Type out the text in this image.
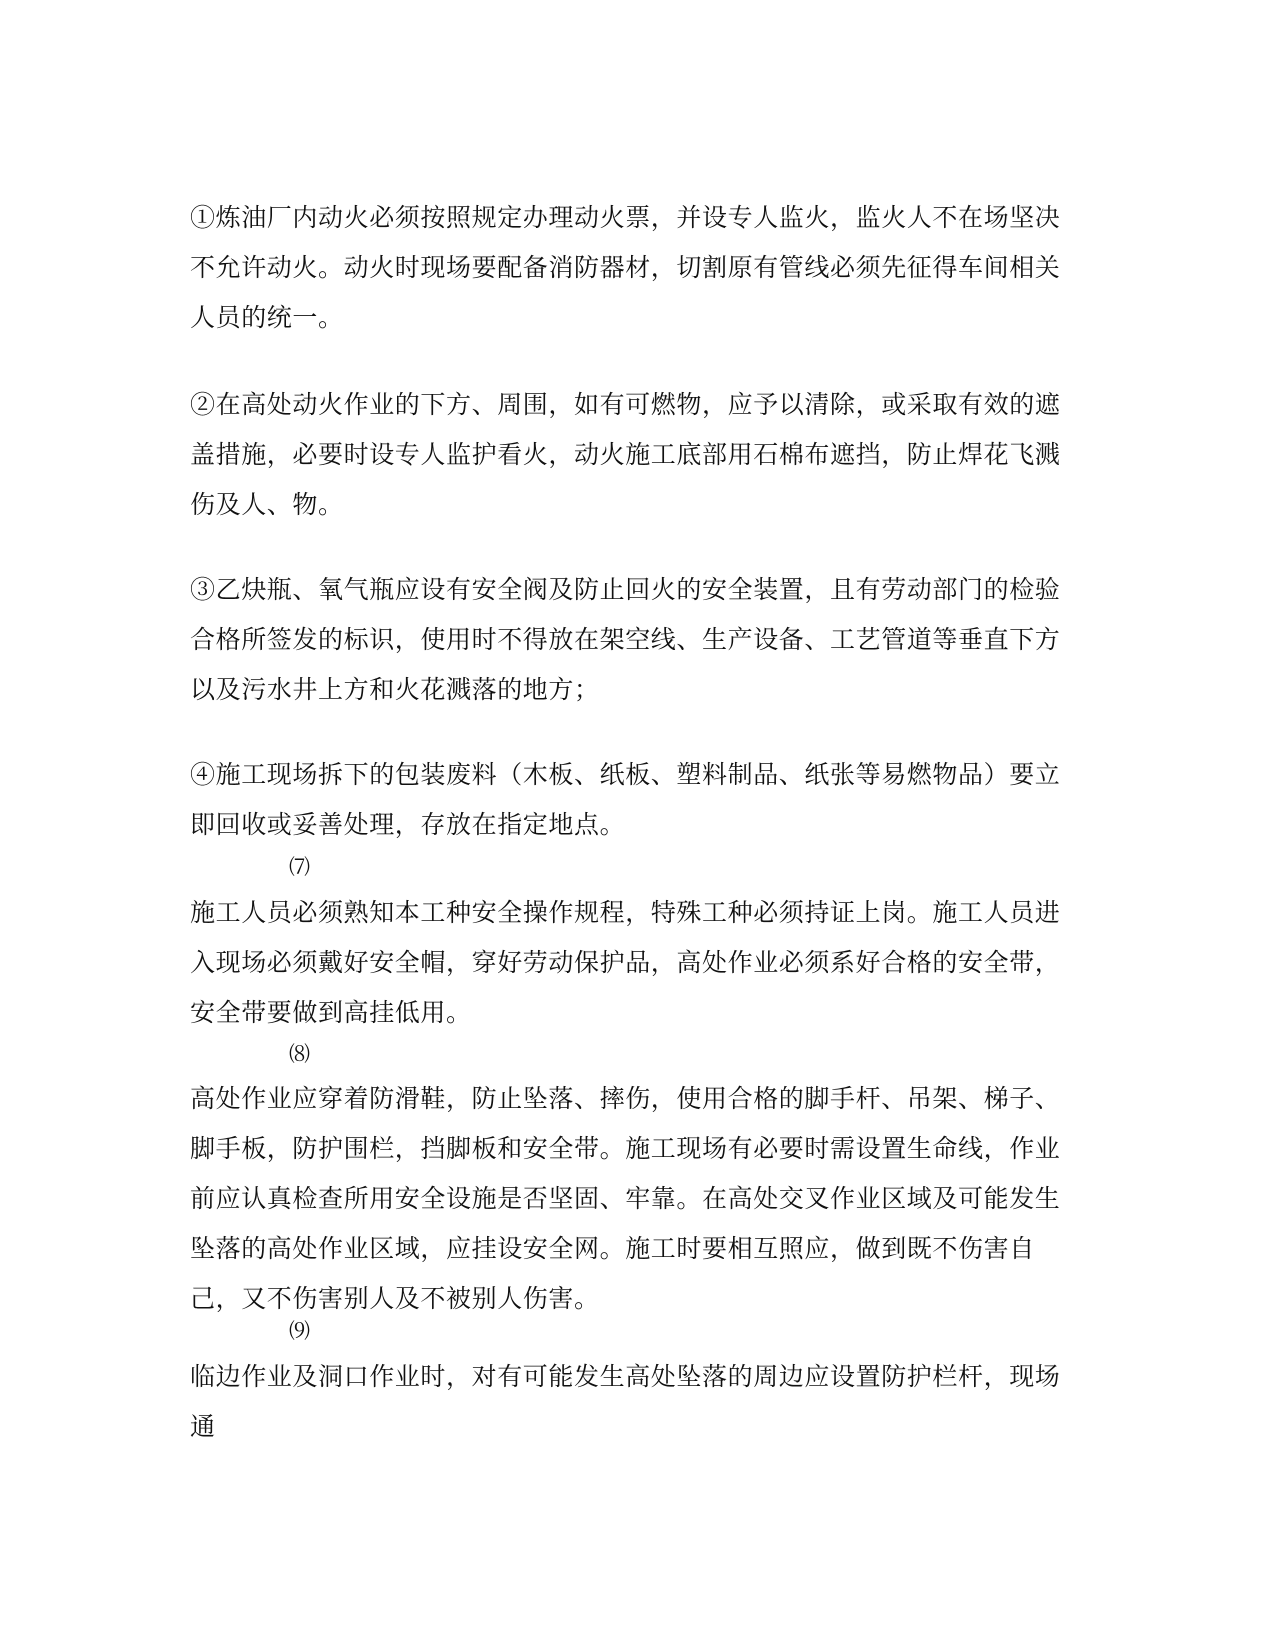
①炼油厂内动火必须按照规定办理动火票，并设专人监火，监火人不在场坚决不允许动火。动火时现场要配备消防器材，切割原有管线必须先征得车间相关人员的统一。
②在高处动火作业的下方、周围，如有可燃物，应予以清除，或采取有效的遮盖措施，必要时设专人监护看火，动火施工底部用石棉布遮挡，防止焊花飞溅伤及人、物。
③乙炔瓶、氧气瓶应设有安全阀及防止回火的安全装置，且有劳动部门的检验合格所签发的标识，使用时不得放在架空线、生产设备、工艺管道等垂直下方以及污水井上方和火花溅落的地方；
④施工现场拆下的包装废料（木板、纸板、塑料制品、纸张等易燃物品）要立即回收或妥善处理，存放在指定地点。
⑺
施工人员必须熟知本工种安全操作规程，特殊工种必须持证上岗。施工人员进入现场必须戴好安全帽，穿好劳动保护品，高处作业必须系好合格的安全带，安全带要做到高挂低用。
⑻
高处作业应穿着防滑鞋，防止坠落、摔伤，使用合格的脚手杆、吊架、梯子、脚手板，防护围栏，挡脚板和安全带。施工现场有必要时需设置生命线，作业前应认真检查所用安全设施是否坚固、牢靠。在高处交叉作业区域及可能发生坠落的高处作业区域，应挂设安全网。施工时要相互照应，做到既不伤害自己，又不伤害别人及不被别人伤害。
⑼
临边作业及洞口作业时，对有可能发生高处坠落的周边应设置防护栏杆，现场通
